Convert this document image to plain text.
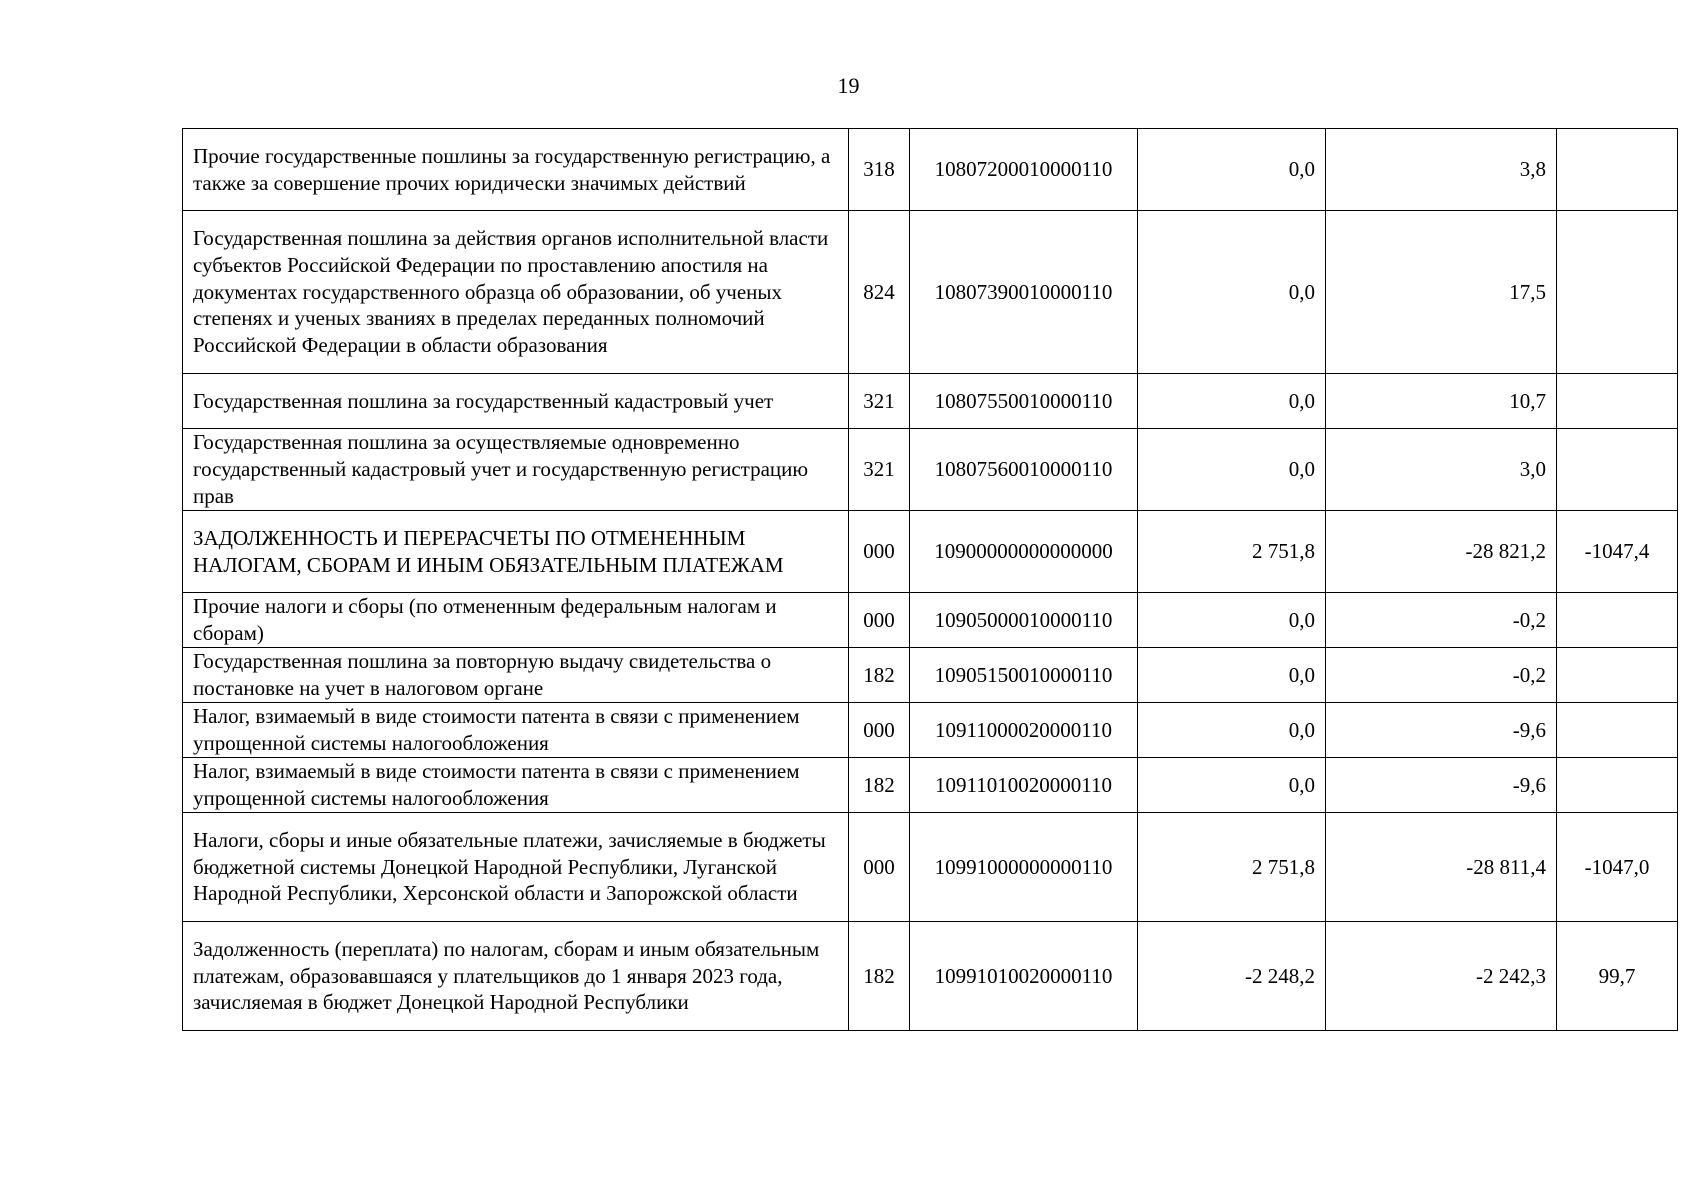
19
Прочие государственные пошлины за государственную регистрацию, а также за совершение прочих юридически значимых действий	318	10807200010000110	0,0	3,8	
Государственная пошлина за действия органов исполнительной власти субъектов Российской Федерации по проставлению апостиля на документах государственного образца об образовании, об ученых степенях и ученых званиях в пределах переданных полномочий Российской Федерации в области образования	824	10807390010000110	0,0	17,5	
Государственная пошлина за государственный кадастровый учет	321	10807550010000110	0,0	10,7	
Государственная пошлина за осуществляемые одновременно государственный кадастровый учет и государственную регистрацию прав	321	10807560010000110	0,0	3,0	
ЗАДОЛЖЕННОСТЬ И ПЕРЕРАСЧЕТЫ ПО ОТМЕНЕННЫМ НАЛОГАМ, СБОРАМ И ИНЫМ ОБЯЗАТЕЛЬНЫМ ПЛАТЕЖАМ	000	10900000000000000	2 751,8	-28 821,2	-1047,4
Прочие налоги и сборы (по отмененным федеральным налогам и сборам)	000	10905000010000110	0,0	-0,2	
Государственная пошлина за повторную выдачу свидетельства о постановке на учет в налоговом органе	182	10905150010000110	0,0	-0,2	
Налог, взимаемый в виде стоимости патента в связи с применением упрощенной системы налогообложения	000	10911000020000110	0,0	-9,6	
Налог, взимаемый в виде стоимости патента в связи с применением упрощенной системы налогообложения	182	10911010020000110	0,0	-9,6	
Налоги, сборы и иные обязательные платежи, зачисляемые в бюджеты бюджетной системы Донецкой Народной Республики, Луганской Народной Республики, Херсонской области и Запорожской области	000	10991000000000110	2 751,8	-28 811,4	-1047,0
Задолженность (переплата) по налогам, сборам и иным обязательным платежам, образовавшаяся у плательщиков до 1 января 2023 года, зачисляемая в бюджет Донецкой Народной Республики	182	10991010020000110	-2 248,2	-2 242,3	99,7
